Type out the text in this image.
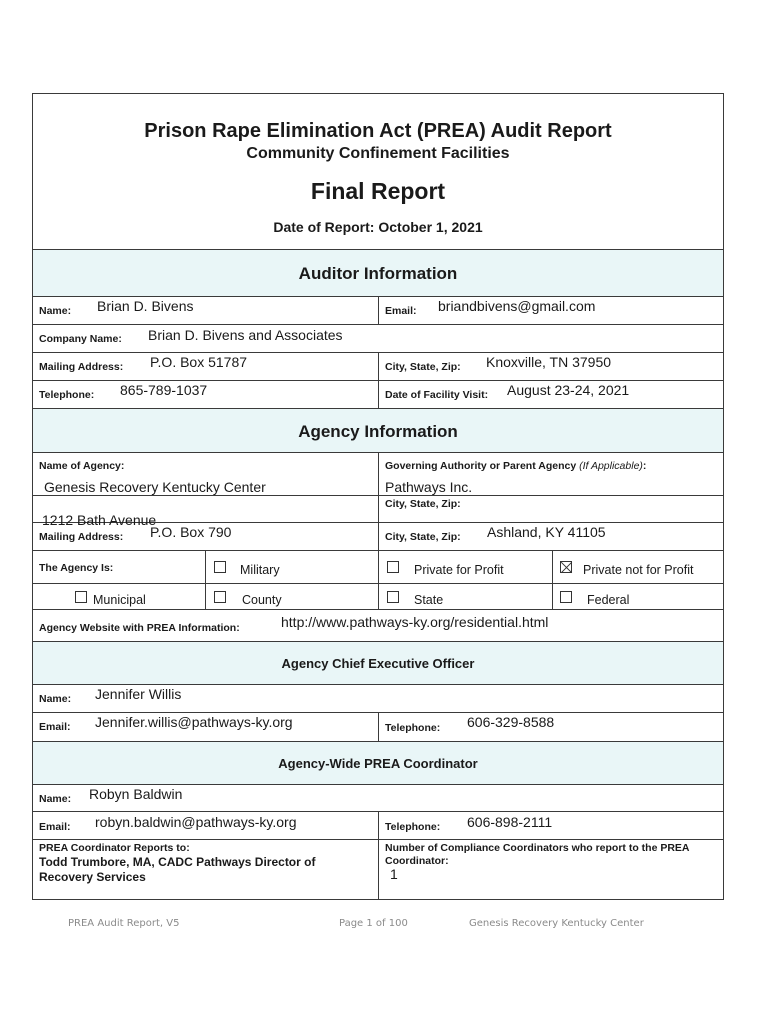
Prison Rape Elimination Act (PREA) Audit Report
Community Confinement Facilities
Final Report
Date of Report: October 1, 2021
Auditor Information
Name: Brian D. Bivens	Email: briandbivens@gmail.com
Company Name: Brian D. Bivens and Associates
Mailing Address: P.O. Box 51787	City, State, Zip: Knoxville, TN 37950
Telephone: 865-789-1037	Date of Facility Visit: August 23-24, 2021
Agency Information
Name of Agency:
Genesis Recovery Kentucky Center
Governing Authority or Parent Agency (If Applicable):
Pathways Inc.
1212 Bath Avenue
City, State, Zip:
Mailing Address: P.O. Box 790	City, State, Zip: Ashland, KY 41105
The Agency Is:	Military	Private for Profit	Private not for Profit
Municipal	County	State	Federal
Agency Website with PREA Information:	http://www.pathways-ky.org/residential.html
Agency Chief Executive Officer
Name: Jennifer Willis
Email: Jennifer.willis@pathways-ky.org	Telephone: 606-329-8588
Agency-Wide PREA Coordinator
Name: Robyn Baldwin
Email: robyn.baldwin@pathways-ky.org	Telephone: 606-898-2111
PREA Coordinator Reports to:
Todd Trumbore, MA, CADC Pathways Director of
Recovery Services
Number of Compliance Coordinators who report to the PREA
Coordinator:
1
PREA Audit Report, V5	Page 1 of 100	Genesis Recovery Kentucky Center
